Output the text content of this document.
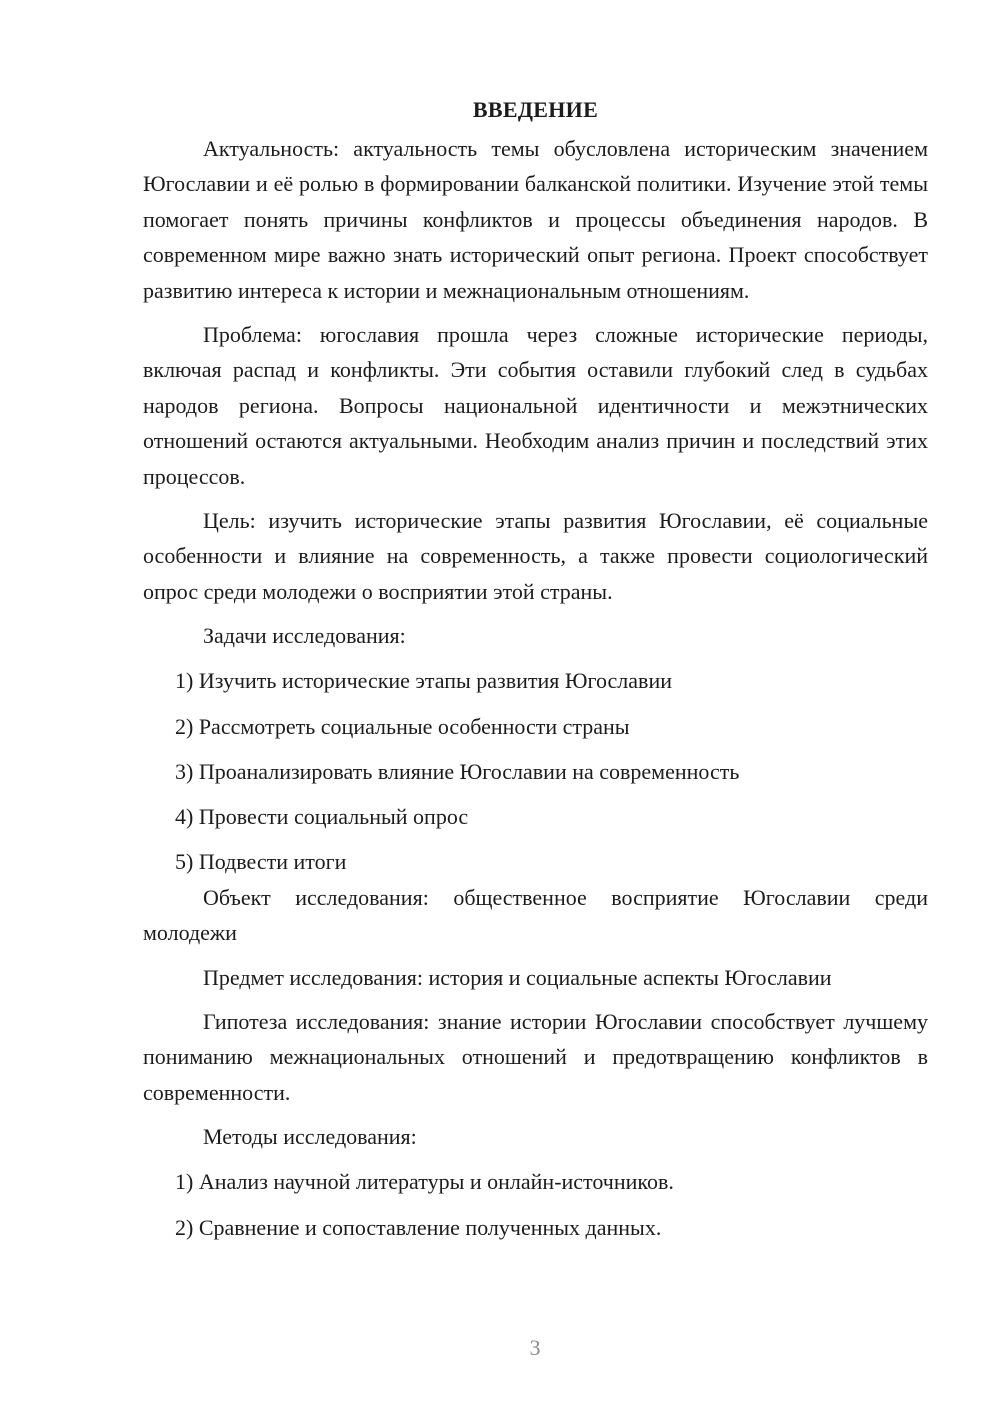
ВВЕДЕНИЕ

Актуальность: актуальность темы обусловлена историческим значением Югославии и её ролью в формировании балканской политики. Изучение этой темы помогает понять причины конфликтов и процессы объединения народов. В современном мире важно знать исторический опыт региона. Проект способствует развитию интереса к истории и межнациональным отношениям.

Проблема: югославия прошла через сложные исторические периоды, включая распад и конфликты. Эти события оставили глубокий след в судьбах народов региона. Вопросы национальной идентичности и межэтнических отношений остаются актуальными. Необходим анализ причин и последствий этих процессов.

Цель: изучить исторические этапы развития Югославии, её социальные особенности и влияние на современность, а также провести социологический опрос среди молодежи о восприятии этой страны.

Задачи исследования:
1) Изучить исторические этапы развития Югославии
2) Рассмотреть социальные особенности страны
3) Проанализировать влияние Югославии на современность
4) Провести социальный опрос
5) Подвести итоги

Объект исследования: общественное восприятие Югославии среди молодежи

Предмет исследования: история и социальные аспекты Югославии

Гипотеза исследования: знание истории Югославии способствует лучшему пониманию межнациональных отношений и предотвращению конфликтов в современности.

Методы исследования:
1) Анализ научной литературы и онлайн-источников.
2) Сравнение и сопоставление полученных данных.
3
